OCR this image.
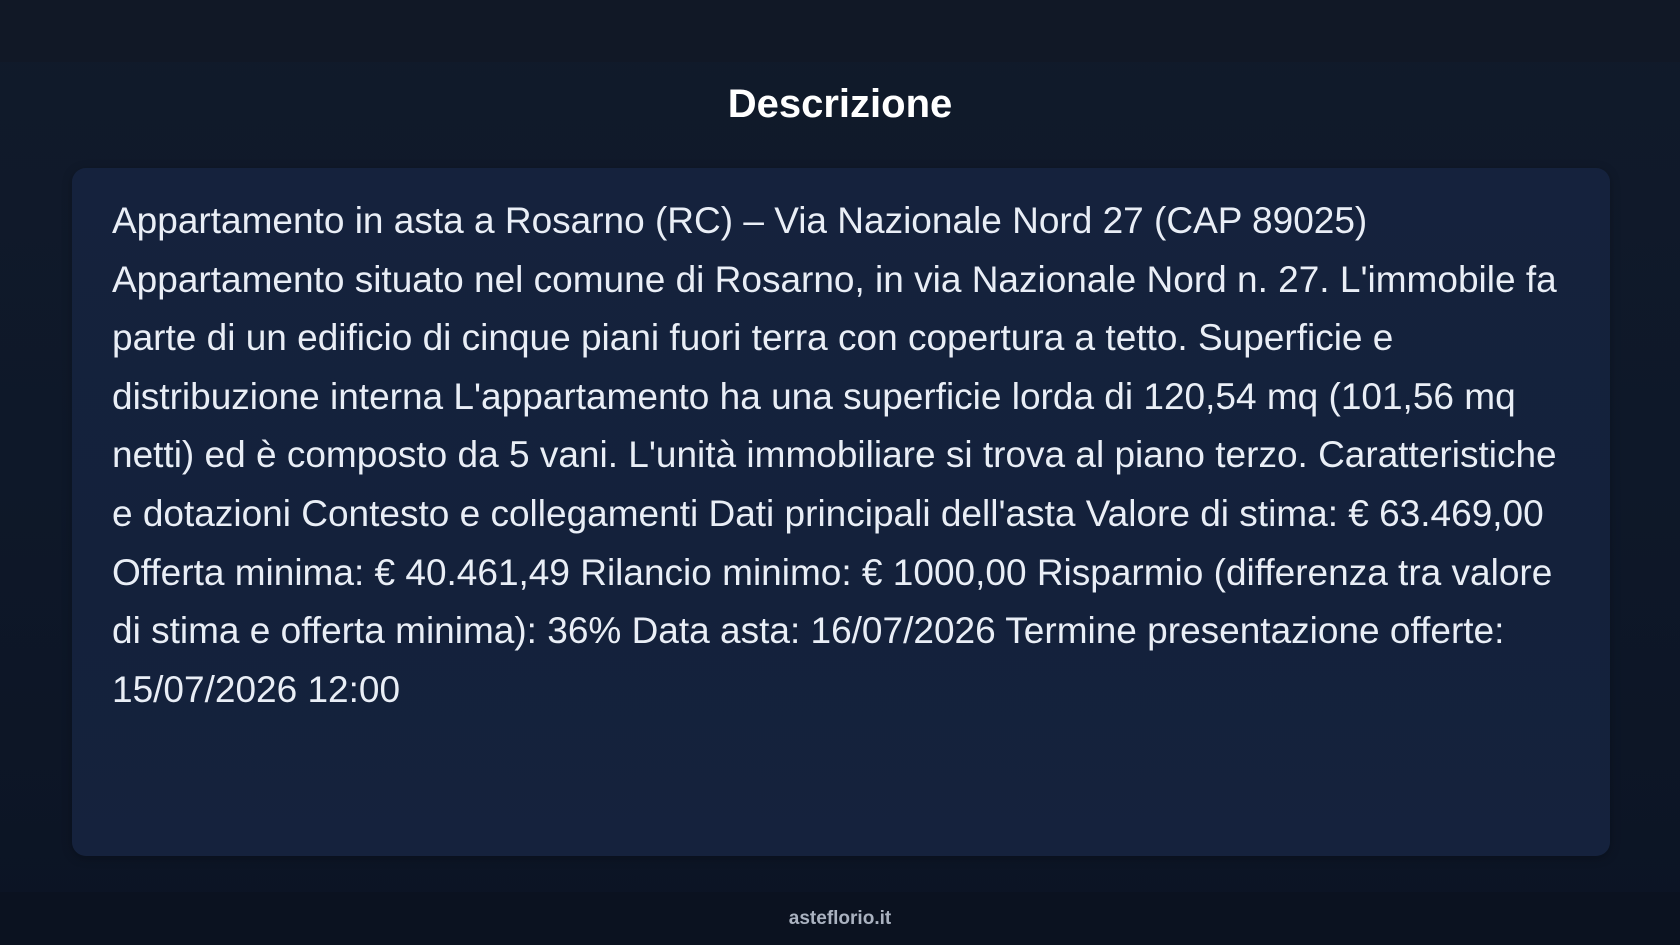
Descrizione

Appartamento in asta a Rosarno (RC) – Via Nazionale Nord 27 (CAP 89025) Appartamento situato nel comune di Rosarno, in via Nazionale Nord n. 27. L'immobile fa parte di un edificio di cinque piani fuori terra con copertura a tetto. Superficie e distribuzione interna L'appartamento ha una superficie lorda di 120,54 mq (101,56 mq netti) ed è composto da 5 vani. L'unità immobiliare si trova al piano terzo. Caratteristiche e dotazioni Contesto e collegamenti Dati principali dell'asta Valore di stima: € 63.469,00 Offerta minima: € 40.461,49 Rilancio minimo: € 1000,00 Risparmio (differenza tra valore di stima e offerta minima): 36% Data asta: 16/07/2026 Termine presentazione offerte: 15/07/2026 12:00

asteflorio.it
